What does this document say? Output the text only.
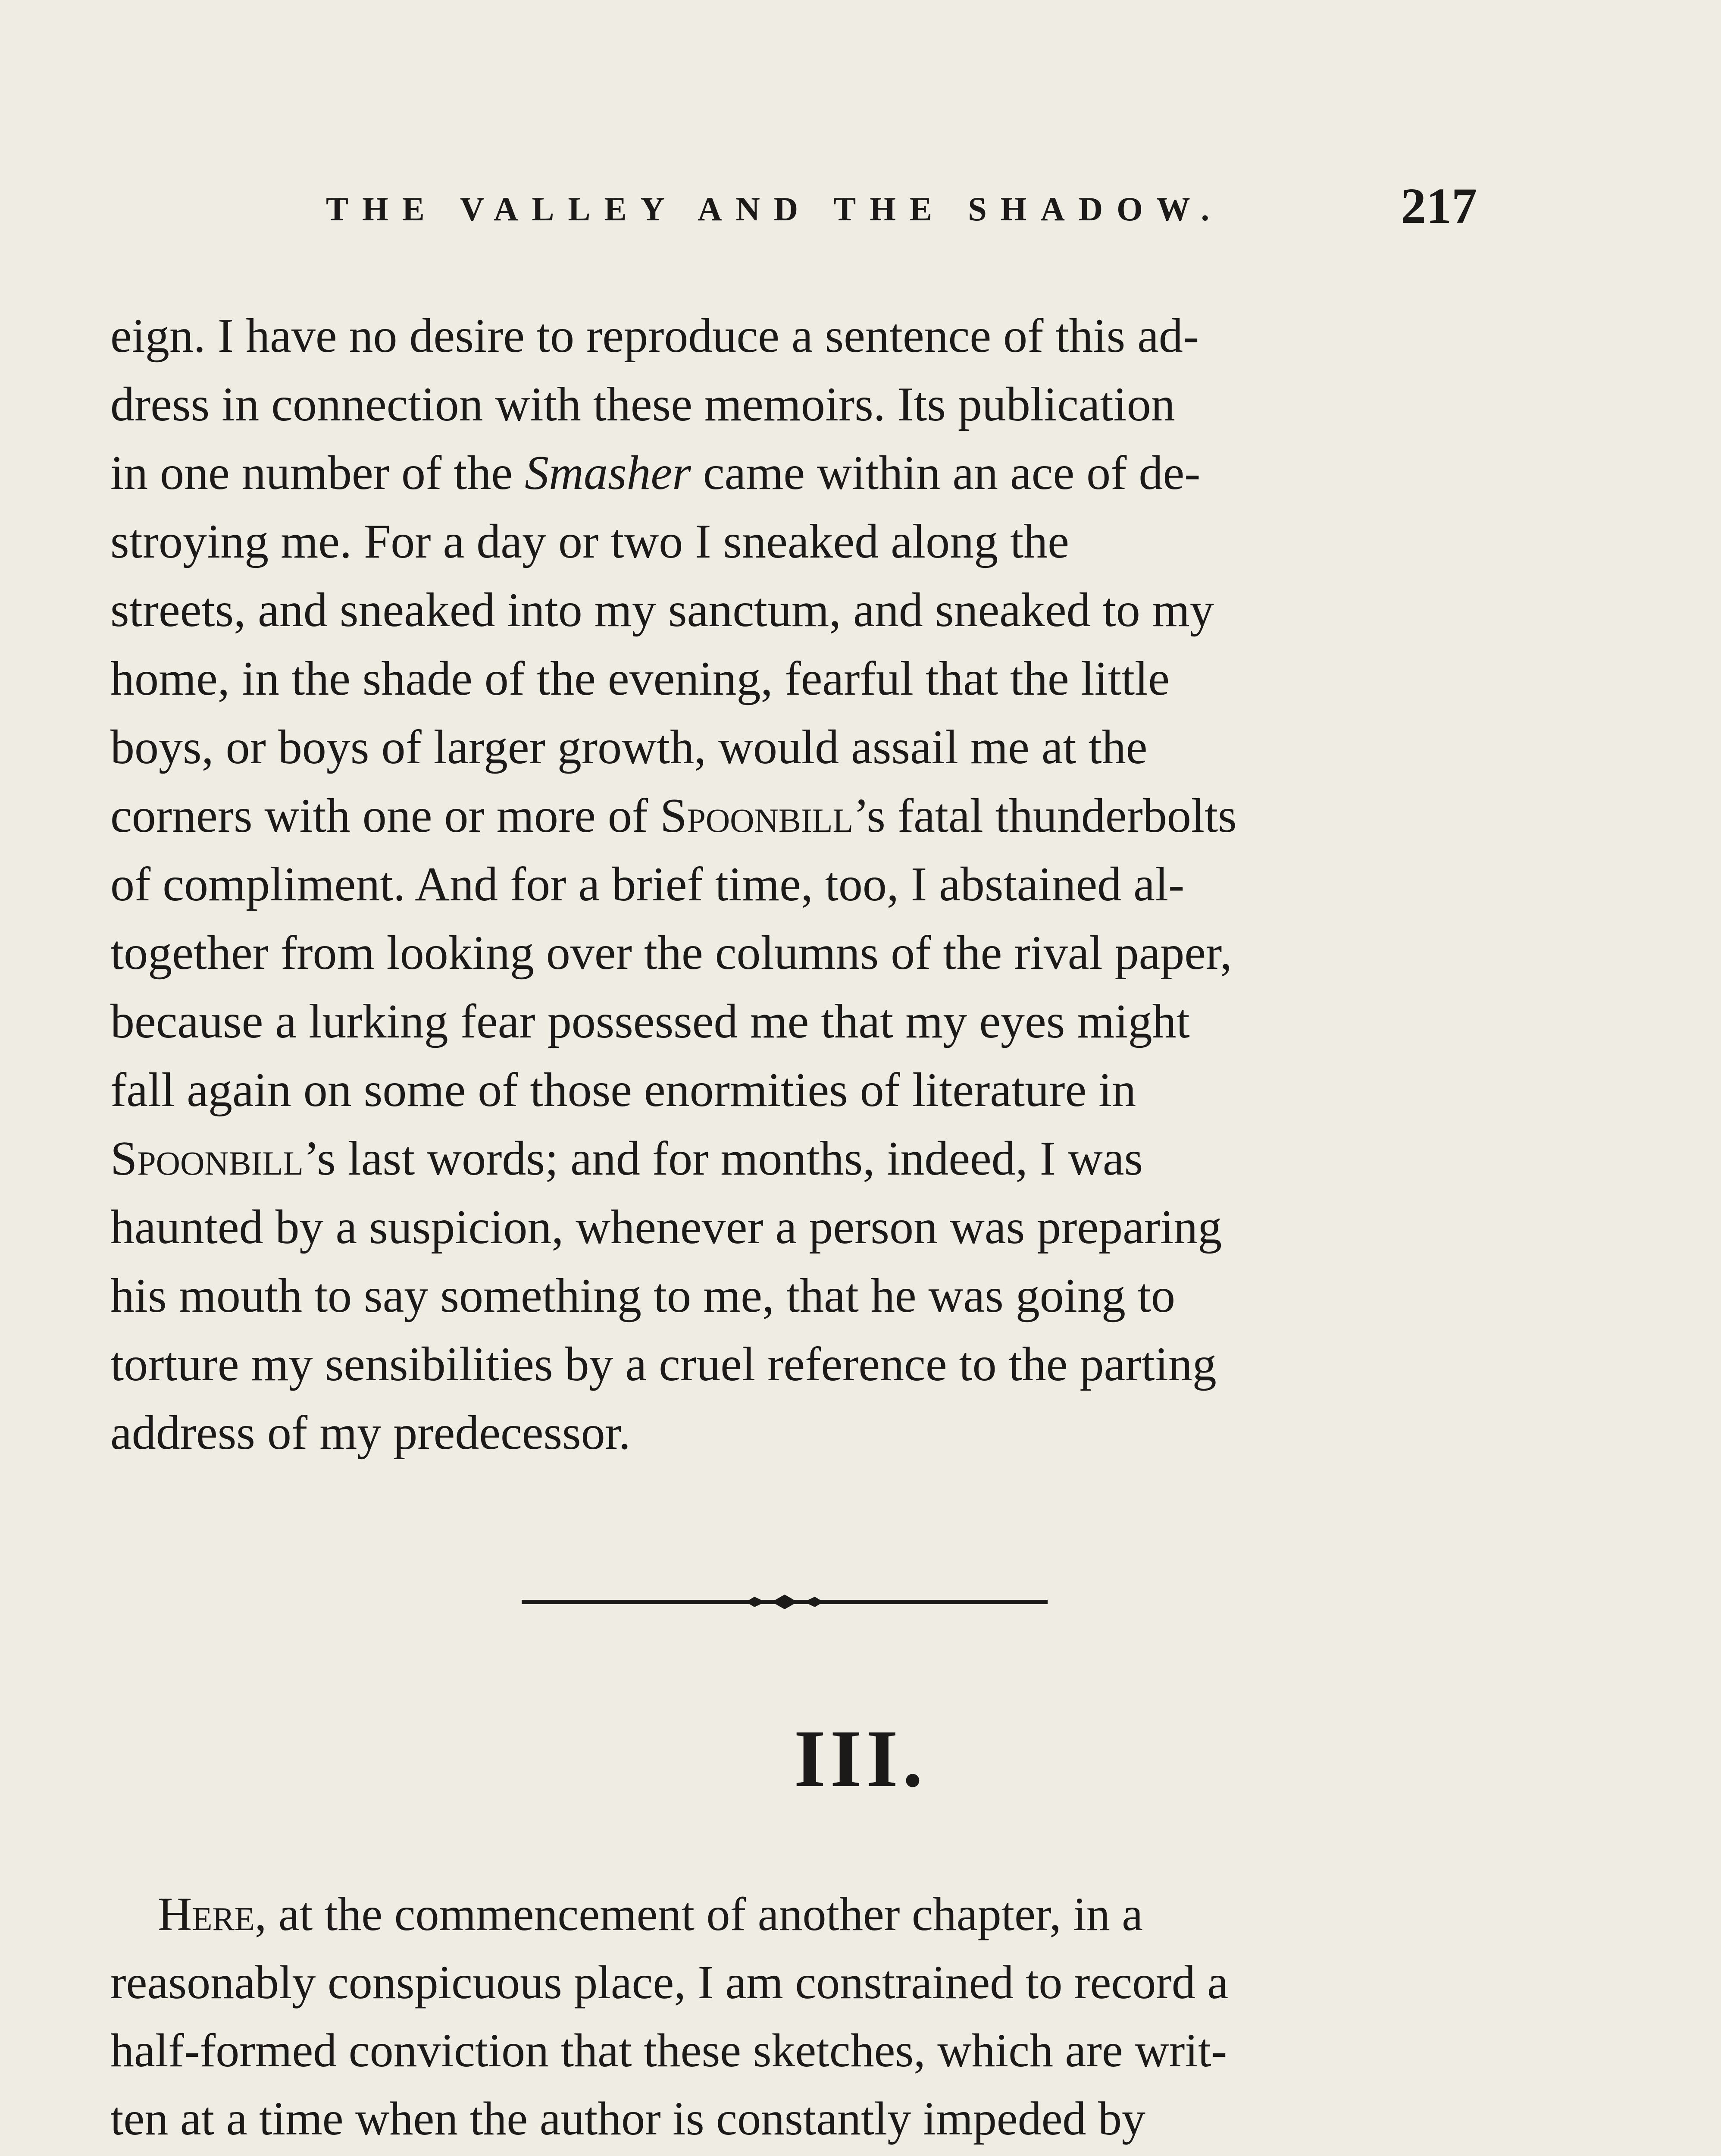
THE VALLEY AND THE SHADOW.	217
eign. I have no desire to reproduce a sentence of this ad-
dress in connection with these memoirs. Its publication
in one number of the Smasher came within an ace of de-
stroying me. For a day or two I sneaked along the
streets, and sneaked into my sanctum, and sneaked to my
home, in the shade of the evening, fearful that the little
boys, or boys of larger growth, would assail me at the
corners with one or more of Spoonbill’s fatal thunderbolts
of compliment. And for a brief time, too, I abstained al-
together from looking over the columns of the rival paper,
because a lurking fear possessed me that my eyes might
fall again on some of those enormities of literature in
Spoonbill’s last words; and for months, indeed, I was
haunted by a suspicion, whenever a person was preparing
his mouth to say something to me, that he was going to
torture my sensibilities by a cruel reference to the parting
address of my predecessor.
III.
Here, at the commencement of another chapter, in a
reasonably conspicuous place, I am constrained to record a
half-formed conviction that these sketches, which are writ-
ten at a time when the author is constantly impeded by
